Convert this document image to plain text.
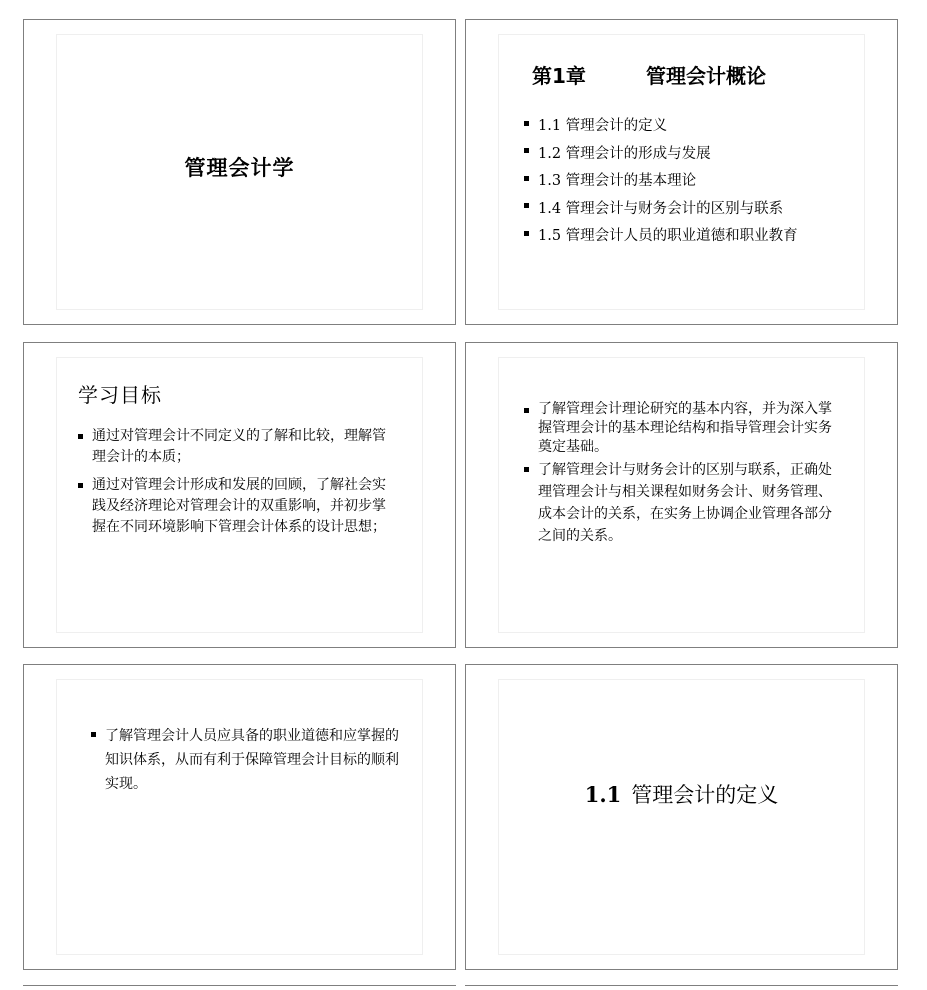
管理会计学
第1章	管理会计概论
1.1 管理会计的定义
1.2 管理会计的形成与发展
1.3 管理会计的基本理论
1.4 管理会计与财务会计的区别与联系
1.5 管理会计人员的职业道德和职业教育
学习目标
通过对管理会计不同定义的了解和比较，理解管理会计的本质；
通过对管理会计形成和发展的回顾，了解社会实践及经济理论对管理会计的双重影响，并初步掌握在不同环境影响下管理会计体系的设计思想；
了解管理会计理论研究的基本内容，并为深入掌握管理会计的基本理论结构和指导管理会计实务奠定基础。
了解管理会计与财务会计的区别与联系，正确处理管理会计与相关课程如财务会计、财务管理、成本会计的关系，在实务上协调企业管理各部分之间的关系。
了解管理会计人员应具备的职业道德和应掌握的知识体系，从而有利于保障管理会计目标的顺利实现。	1.1 管理会计的定义
